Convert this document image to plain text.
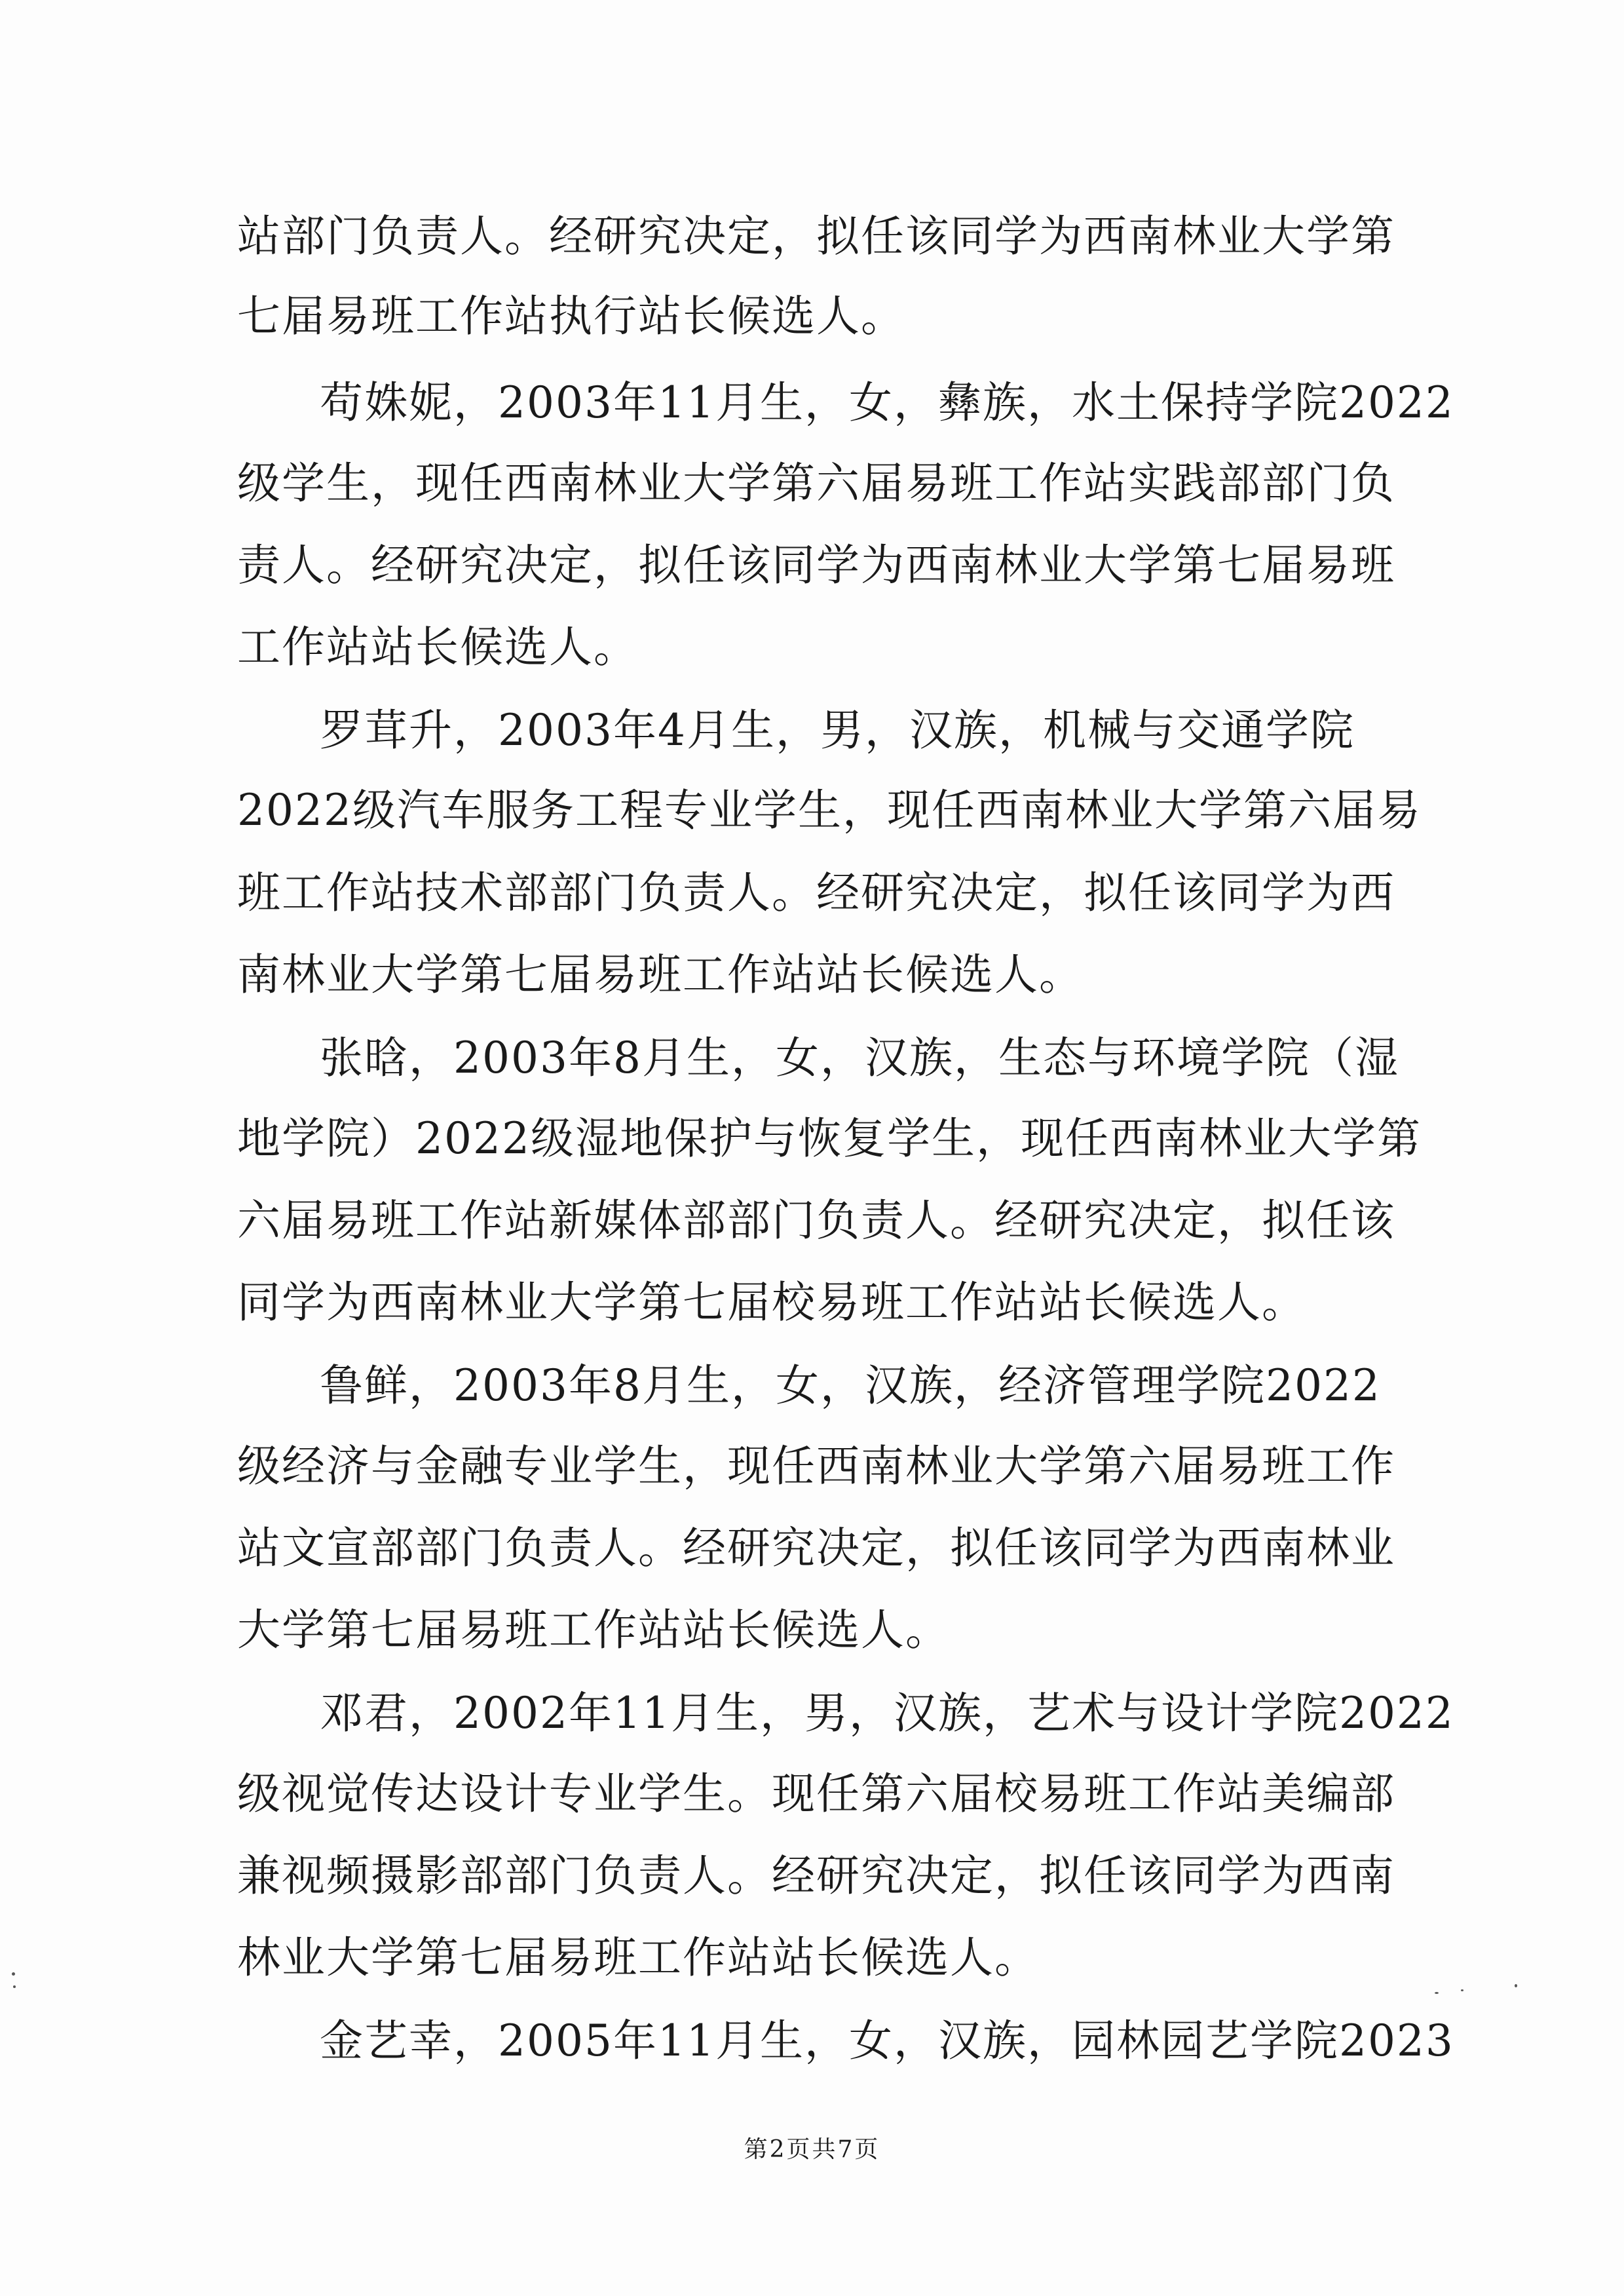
站部门负责人。经研究决定，拟任该同学为西南林业大学第
七届易班工作站执行站长候选人。
苟姝妮，2003年11月生，女，彝族，水土保持学院2022
级学生，现任西南林业大学第六届易班工作站实践部部门负
责人。经研究决定，拟任该同学为西南林业大学第七届易班
工作站站长候选人。
罗茸升，2003年4月生，男，汉族，机械与交通学院
2022级汽车服务工程专业学生，现任西南林业大学第六届易
班工作站技术部部门负责人。经研究决定，拟任该同学为西
南林业大学第七届易班工作站站长候选人。
张晗，2003年8月生，女，汉族，生态与环境学院（湿
地学院）2022级湿地保护与恢复学生，现任西南林业大学第
六届易班工作站新媒体部部门负责人。经研究决定，拟任该
同学为西南林业大学第七届校易班工作站站长候选人。
鲁鲜，2003年8月生，女，汉族，经济管理学院2022
级经济与金融专业学生，现任西南林业大学第六届易班工作
站文宣部部门负责人。经研究决定，拟任该同学为西南林业
大学第七届易班工作站站长候选人。
邓君，2002年11月生，男，汉族，艺术与设计学院2022
级视觉传达设计专业学生。现任第六届校易班工作站美编部
兼视频摄影部部门负责人。经研究决定，拟任该同学为西南
林业大学第七届易班工作站站长候选人。
金艺幸，2005年11月生，女，汉族，园林园艺学院2023
第2页共7页
